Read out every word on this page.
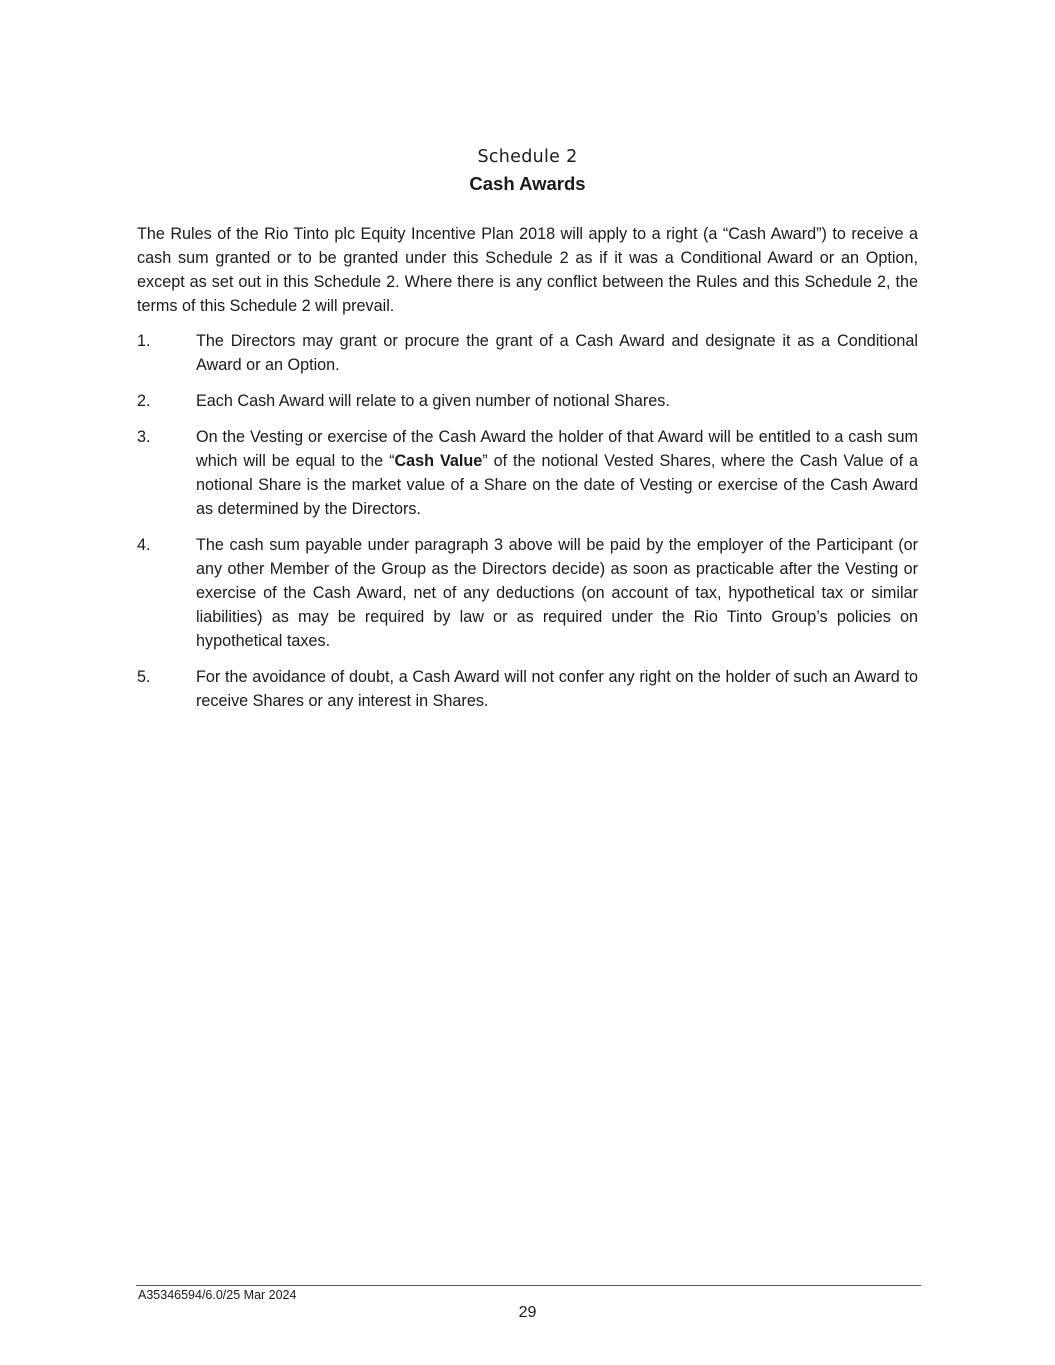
Schedule 2
Cash Awards

The Rules of the Rio Tinto plc Equity Incentive Plan 2018 will apply to a right (a “Cash Award”) to receive a cash sum granted or to be granted under this Schedule 2 as if it was a Conditional Award or an Option, except as set out in this Schedule 2. Where there is any conflict between the Rules and this Schedule 2, the terms of this Schedule 2 will prevail.

1.	The Directors may grant or procure the grant of a Cash Award and designate it as a Conditional Award or an Option.
2.	Each Cash Award will relate to a given number of notional Shares.
3.	On the Vesting or exercise of the Cash Award the holder of that Award will be entitled to a cash sum which will be equal to the “Cash Value” of the notional Vested Shares, where the Cash Value of a notional Share is the market value of a Share on the date of Vesting or exercise of the Cash Award as determined by the Directors.
4.	The cash sum payable under paragraph 3 above will be paid by the employer of the Participant (or any other Member of the Group as the Directors decide) as soon as practicable after the Vesting or exercise of the Cash Award, net of any deductions (on account of tax, hypothetical tax or similar liabilities) as may be required by law or as required under the Rio Tinto Group’s policies on hypothetical taxes.
5.	For the avoidance of doubt, a Cash Award will not confer any right on the holder of such an Award to receive Shares or any interest in Shares.
A35346594/6.0/25 Mar 2024
29
